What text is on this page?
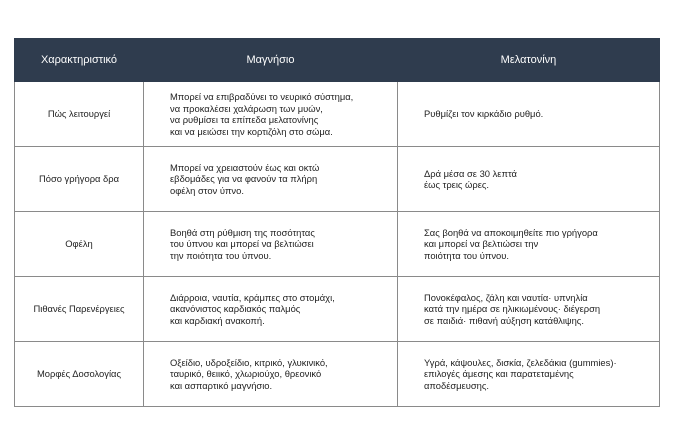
Χαρακτηριστικό	Μαγνήσιο	Μελατονίνη
Πώς λειτουργεί	Μπορεί να επιβραδύνει το νευρικό σύστημα,
να προκαλέσει χαλάρωση των μυών,
να ρυθμίσει τα επίπεδα μελατονίνης
και να μειώσει την κορτιζόλη στο σώμα.	Ρυθμίζει τον κιρκάδιο ρυθμό.

Πόσο γρήγορα δρα	Μπορεί να χρειαστούν έως και οκτώ
εβδομάδες για να φανούν τα πλήρη
οφέλη στον ύπνο.	Δρά μέσα σε 30 λεπτά
έως τρεις ώρες.

Οφέλη	Βοηθά στη ρύθμιση της ποσότητας
του ύπνου και μπορεί να βελτιώσει
την ποιότητα του ύπνου.	Σας βοηθά να αποκοιμηθείτε πιο γρήγορα
και μπορεί να βελτιώσει την
ποιότητα του ύπνου.

Πιθανές Παρενέργειες	Διάρροια, ναυτία, κράμπες στο στομάχι,
ακανόνιστος καρδιακός παλμός
και καρδιακή ανακοπή.	Πονοκέφαλος, ζάλη και ναυτία· υπνηλία
κατά την ημέρα σε ηλικιωμένους· διέγερση
σε παιδιά· πιθανή αύξηση κατάθλιψης.

Μορφές Δοσολογίας	Οξείδιο, υδροξείδιο, κιτρικό, γλυκινικό,
ταυρικό, θειικό, χλωριούχο, θρεονικό
και ασπαρτικό μαγνήσιο.	Υγρά, κάψουλες, δισκία, ζελεδάκια (gummies)·
επιλογές άμεσης και παρατεταμένης
αποδέσμευσης.
